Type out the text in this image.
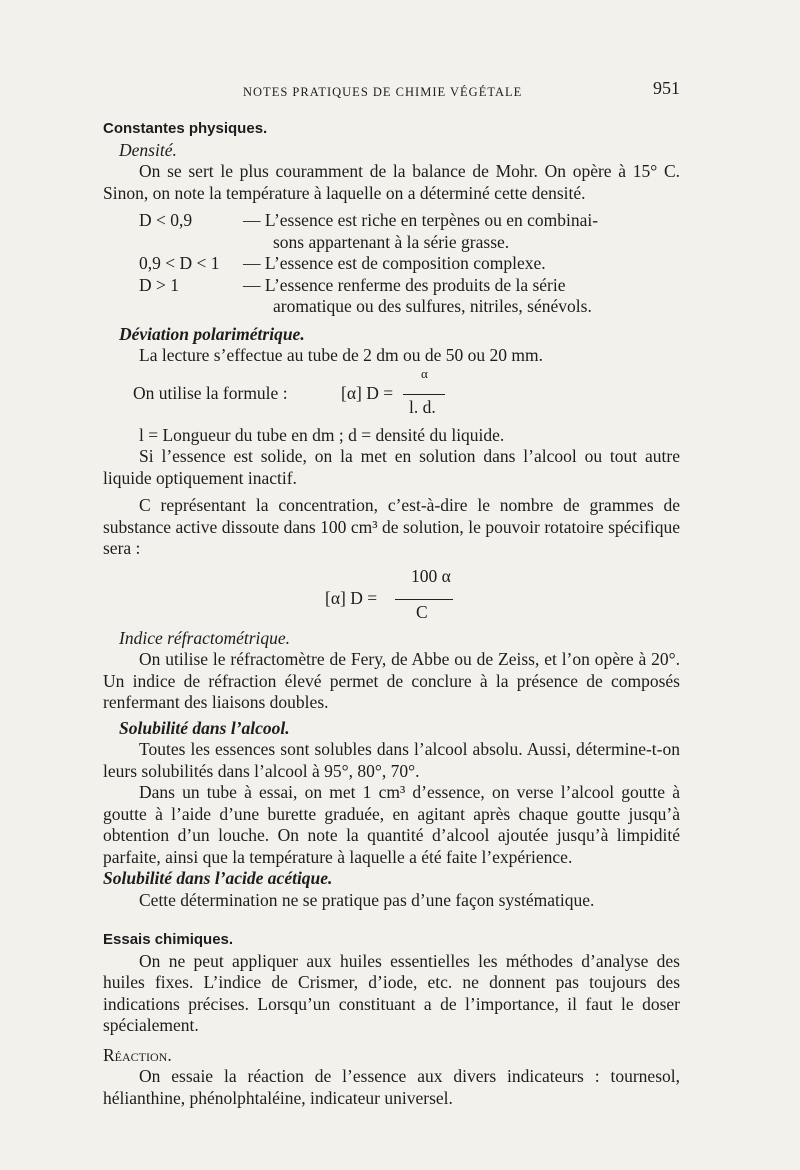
NOTES PRATIQUES DE CHIMIE VÉGÉTALE	951
Constantes physiques.
Densité.

On se sert le plus couramment de la balance de Mohr. On opère à 15° C. Sinon, on note la température à laquelle on a déterminé cette densité.

D < 0,9	— L’essence est riche en terpènes ou en combinai-
sons appartenant à la série grasse.
0,9 < D < 1 — L’essence est de composition complexe.
D > 1	— L’essence renferme des produits de la série
aromatique ou des sulfures, nitriles, sénévols.
Déviation polarimétrique.

La lecture s’effectue au tube de 2 dm ou de 50 ou 20 mm.

On utilise la formule :	[α] D =
α
l. d.

l = Longueur du tube en dm ; d = densité du liquide.

Si l’essence est solide, on la met en solution dans l’alcool ou tout autre liquide optiquement inactif.

C représentant la concentration, c’est-à-dire le nombre de grammes de substance active dissoute dans 100 cm³ de solution, le pouvoir rotatoire spécifique sera :

[α] D =
100 α
C
Indice réfractométrique.

On utilise le réfractomètre de Fery, de Abbe ou de Zeiss, et l’on opère à 20°. Un indice de réfraction élevé permet de conclure à la présence de composés renfermant des liaisons doubles.

Solubilité dans l’alcool.

Toutes les essences sont solubles dans l’alcool absolu. Aussi, détermine-t-on leurs solubilités dans l’alcool à 95°, 80°, 70°.

Dans un tube à essai, on met 1 cm³ d’essence, on verse l’alcool goutte à goutte à l’aide d’une burette graduée, en agitant après chaque goutte jusqu’à obtention d’un louche. On note la quantité d’alcool ajoutée jusqu’à limpidité parfaite, ainsi que la température à laquelle a été faite l’expérience.

Solubilité dans l’acide acétique.

Cette détermination ne se pratique pas d’une façon systématique.

Essais chimiques.

On ne peut appliquer aux huiles essentielles les méthodes d’analyse des huiles fixes. L’indice de Crismer, d’iode, etc. ne donnent pas toujours des indications précises. Lorsqu’un constituant a de l’importance, il faut le doser spécialement.

Réaction.

On essaie la réaction de l’essence aux divers indicateurs : tournesol, hélianthine, phénolphtaléine, indicateur universel.
